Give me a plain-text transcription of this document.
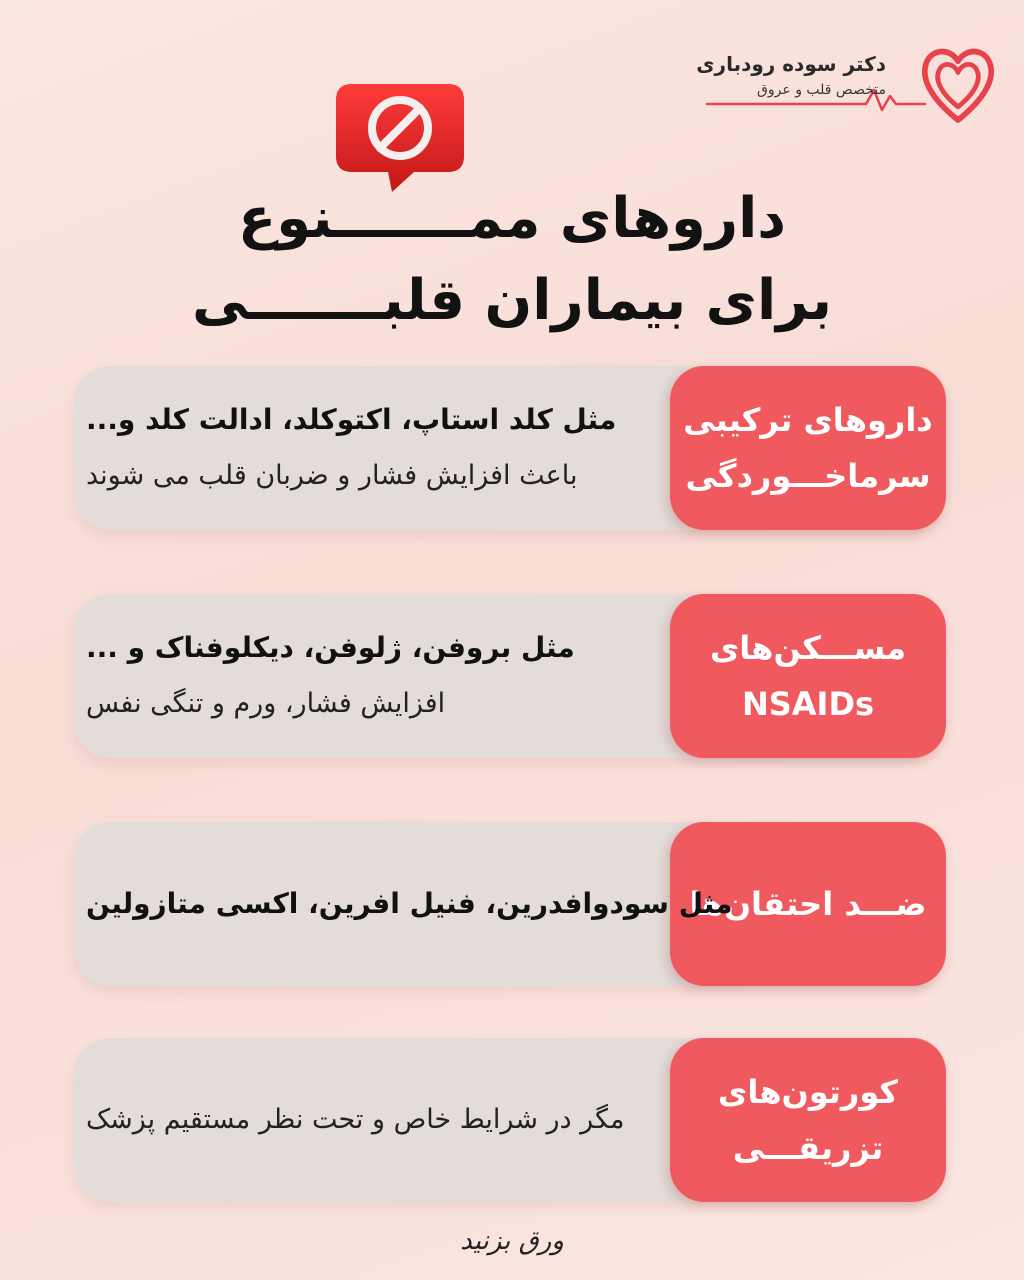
دکتر سوده رودباری
متخصص قلب و عروق
داروهای ممـــــــنوع
برای بیماران قلبـــــــی
داروهای ترکیبی
سرماخـــوردگی
مثل کلد استاپ، اکتوکلد، ادالت کلد و...
باعث افزایش فشار و ضربان قلب می شوند
مســـکن‌های
NSAIDs
مثل بروفن، ژلوفن، دیکلوفناک و ...
افزایش فشار، ورم و تنگی نفس
ضـــد احتقان‌ها
مثل سودوافدرین، فنیل افرین، اکسی متازولین
کورتون‌های
تزریقـــی
مگر در شرایط خاص و تحت نظر مستقیم پزشک
ورق بزنید
